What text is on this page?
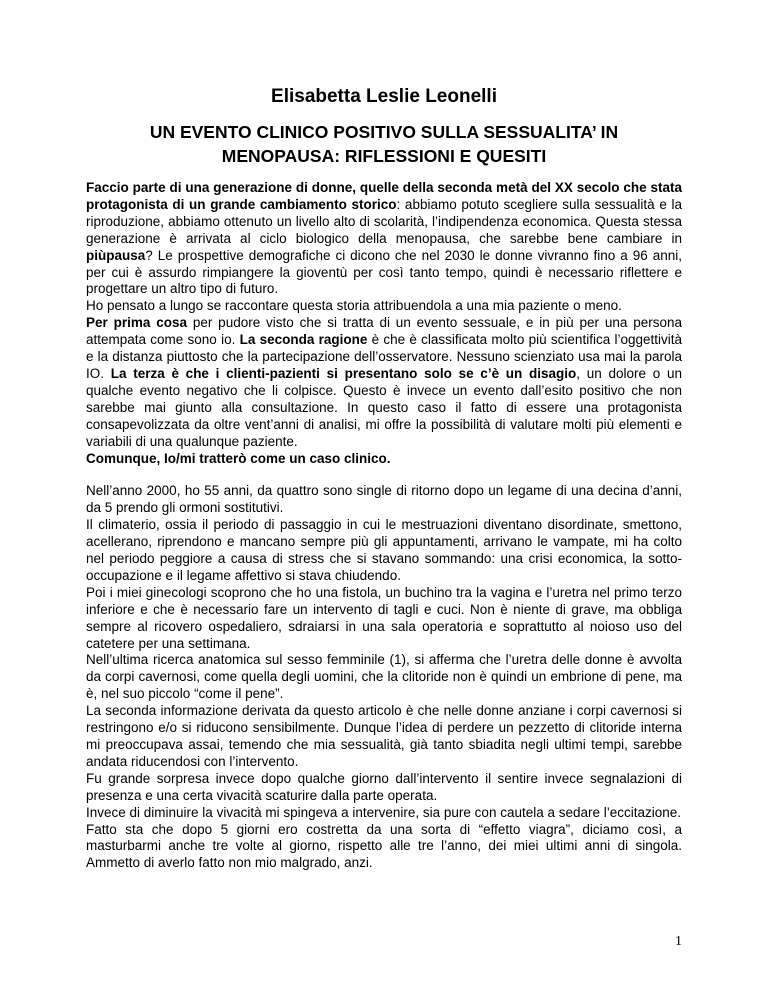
Elisabetta Leslie Leonelli
UN EVENTO CLINICO POSITIVO SULLA SESSUALITA’ IN
MENOPAUSA: RIFLESSIONI E QUESITI

Faccio parte di una generazione di donne, quelle della seconda metà del XX secolo che stata protagonista di un grande cambiamento storico: abbiamo potuto scegliere sulla sessualità e la riproduzione, abbiamo ottenuto un livello alto di scolarità, l’indipendenza economica. Questa stessa generazione è arrivata al ciclo biologico della menopausa, che sarebbe bene cambiare in piùpausa? Le prospettive demografiche ci dicono che nel 2030 le donne vivranno fino a 96 anni, per cui è assurdo rimpiangere la gioventù per così tanto tempo, quindi è necessario riflettere e progettare un altro tipo di futuro.

Ho pensato a lungo se raccontare questa storia attribuendola a una mia paziente o meno.

Per prima cosa per pudore visto che si tratta di un evento sessuale, e in più per una persona attempata come sono io. La seconda ragione è che è classificata molto più scientifica l’oggettività e la distanza piuttosto che la partecipazione dell’osservatore. Nessuno scienziato usa mai la parola IO. La terza è che i clienti-pazienti si presentano solo se c’è un disagio, un dolore o un qualche evento negativo che li colpisce. Questo è invece un evento dall’esito positivo che non sarebbe mai giunto alla consultazione. In questo caso il fatto di essere una protagonista consapevolizzata da oltre vent’anni di analisi, mi offre la possibilità di valutare molti più elementi e variabili di una qualunque paziente.

Comunque, Io/mi tratterò come un caso clinico.

Nell’anno 2000, ho 55 anni, da quattro sono single di ritorno dopo un legame di una decina d’anni, da 5 prendo gli ormoni sostitutivi.

Il climaterio, ossia il periodo di passaggio in cui le mestruazioni diventano disordinate, smettono, acellerano, riprendono e mancano sempre più gli appuntamenti, arrivano le vampate, mi ha colto nel periodo peggiore a causa di stress che si stavano sommando: una crisi economica, la sotto-occupazione e il legame affettivo si stava chiudendo.

Poi i miei ginecologi scoprono che ho una fistola, un buchino tra la vagina e l’uretra nel primo terzo inferiore e che è necessario fare un intervento di tagli e cuci. Non è niente di grave, ma obbliga sempre al ricovero ospedaliero, sdraiarsi in una sala operatoria e soprattutto al noioso uso del catetere per una settimana.

Nell’ultima ricerca anatomica sul sesso femminile (1), si afferma che l’uretra delle donne è avvolta da corpi cavernosi, come quella degli uomini, che la clitoride non è quindi un embrione di pene, ma è, nel suo piccolo “come il pene”.

La seconda informazione derivata da questo articolo è che nelle donne anziane i corpi cavernosi si restringono e/o si riducono sensibilmente. Dunque l’idea di perdere un pezzetto di clitoride interna mi preoccupava assai, temendo che mia sessualità, già tanto sbiadita negli ultimi tempi, sarebbe andata riducendosi con l’intervento.

Fu grande sorpresa invece dopo qualche giorno dall’intervento il sentire invece segnalazioni di presenza e una certa vivacità scaturire dalla parte operata.

Invece di diminuire la vivacità mi spingeva a intervenire, sia pure con cautela a sedare l’eccitazione.

Fatto sta che dopo 5 giorni ero costretta da una sorta di “effetto viagra”, diciamo così, a masturbarmi anche tre volte al giorno, rispetto alle tre l’anno, dei miei ultimi anni di singola. Ammetto di averlo fatto non mio malgrado, anzi.

1
